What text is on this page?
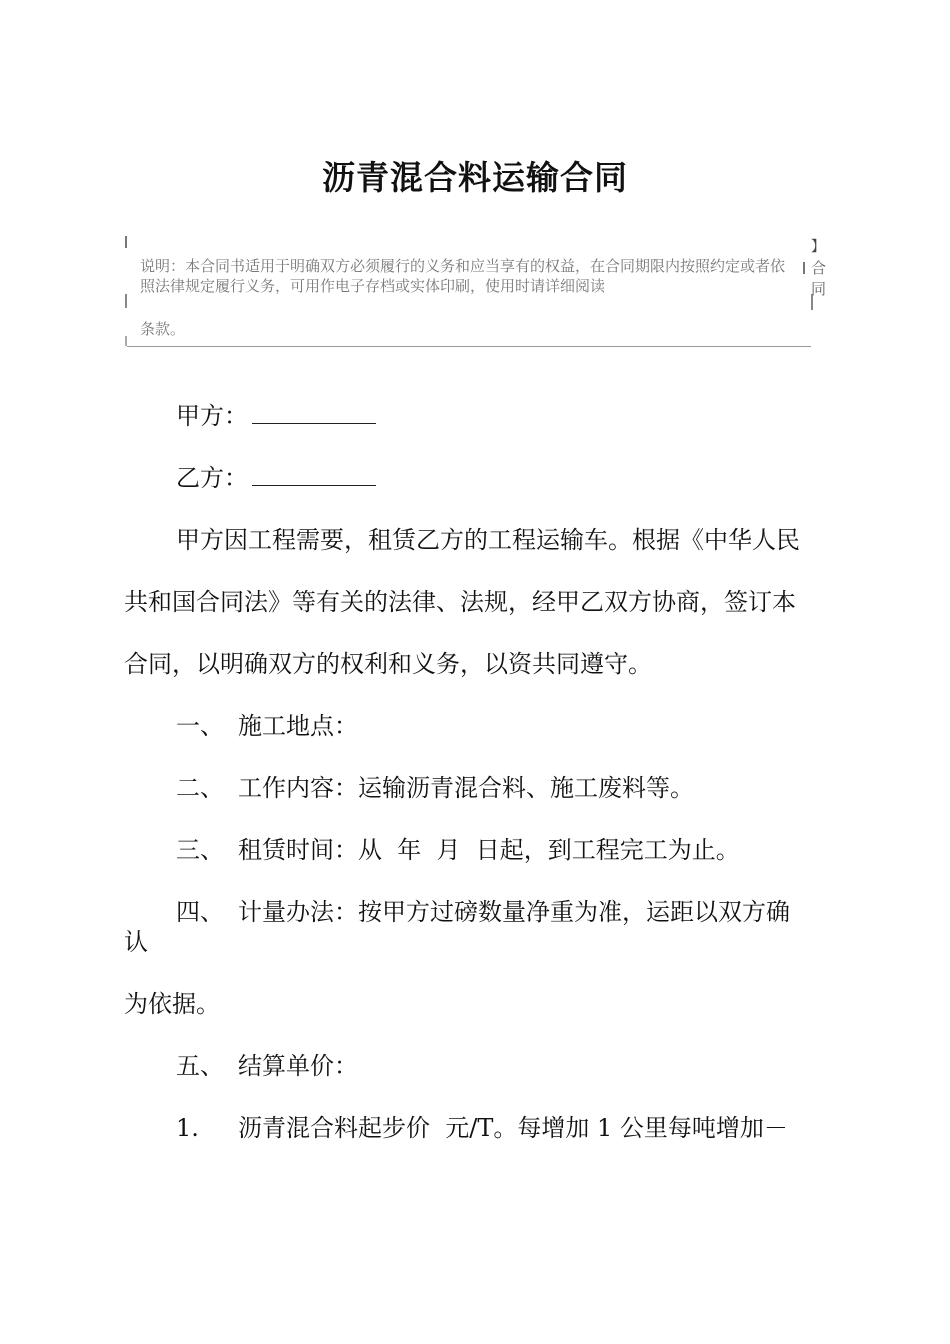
沥青混合料运输合同
】
合同
说明：本合同书适用于明确双方必须履行的义务和应当享有的权益，在合同期限内按照约定或者依照法律规定履行义务，可用作电子存档或实体印刷，使用时请详细阅读
条款。
甲方：
乙方：
甲方因工程需要，租赁乙方的工程运输车。根据《中华人民
共和国合同法》等有关的法律、法规，经甲乙双方协商，签订本
合同，以明确双方的权利和义务，以资共同遵守。
一、 施工地点：
二、 工作内容：运输沥青混合料、施工废料等。
三、 租赁时间：从  年  月  日起，到工程完工为止。
四、 计量办法：按甲方过磅数量净重为准，运距以双方确
认
为依据。
五、 结算单价：
1. 沥青混合料起步价  元/T。每增加 1 公里每吨增加－
